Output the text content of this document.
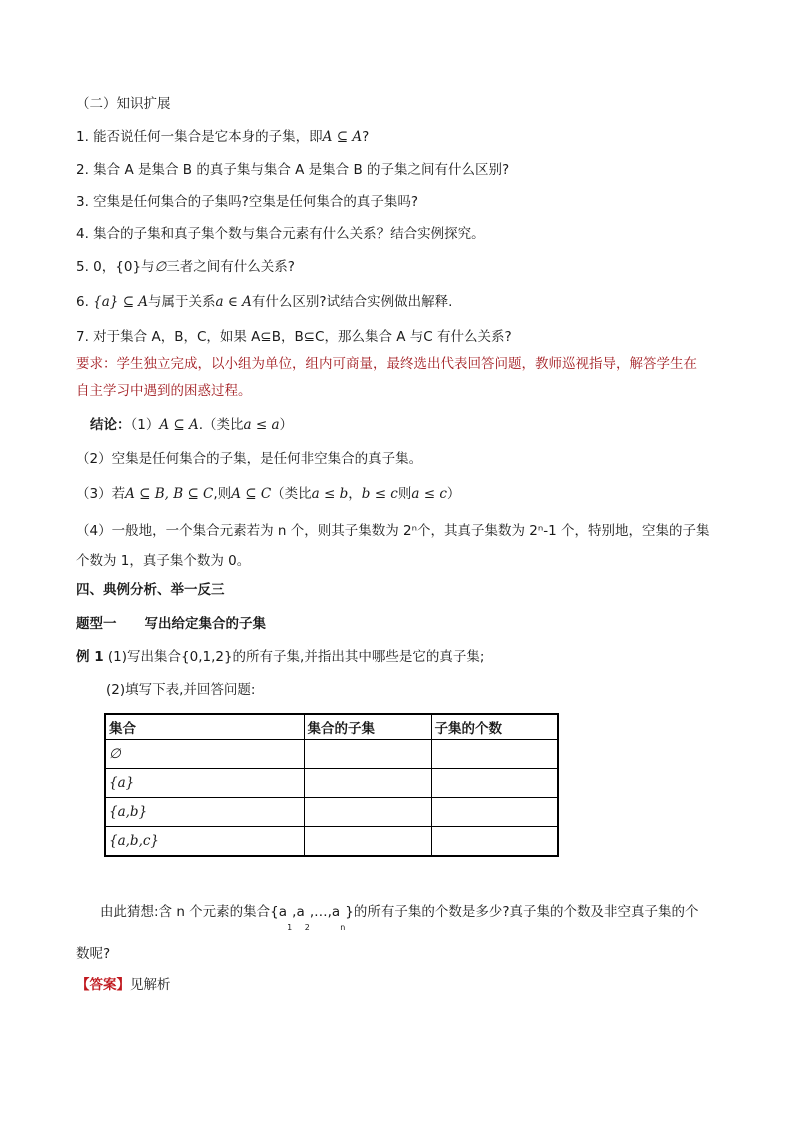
（二）知识扩展
1. 能否说任何一集合是它本身的子集，即A ⊆ A?
2. 集合 A 是集合 B 的真子集与集合 A 是集合 B 的子集之间有什么区别?
3. 空集是任何集合的子集吗?空集是任何集合的真子集吗?
4. 集合的子集和真子集个数与集合元素有什么关系？结合实例探究。
5. 0，{0}与∅三者之间有什么关系?
6. {a} ⊆ A与属于关系a ∈ A有什么区别?试结合实例做出解释.
7. 对于集合 A，B，C，如果 A⊆B，B⊆C，那么集合 A 与C 有什么关系?
要求：学生独立完成，以小组为单位，组内可商量，最终选出代表回答问题，教师巡视指导，解答学生在
自主学习中遇到的困惑过程。
结论：（1）A ⊆ A.（类比a ≤ a）
（2）空集是任何集合的子集，是任何非空集合的真子集。
（3）若A ⊆ B, B ⊆ C,则A ⊆ C（类比a ≤ b，b ≤ c则a ≤ c）
（4）一般地，一个集合元素若为 n 个，则其子集数为 2ⁿ个，其真子集数为 2ⁿ-1 个，特别地，空集的子集
个数为 1，真子集个数为 0。
四、典例分析、举一反三
题型一 写出给定集合的子集
例 1 (1)写出集合{0,1,2}的所有子集,并指出其中哪些是它的真子集;
(2)填写下表,并回答问题:
集合	集合的子集	子集的个数
∅		
{a}		
{a,b}		
{a,b,c}		
由此猜想:含 n 个元素的集合$\{a_1,a_2,\dots,a_n\}$的所有子集的个数是多少?真子集的个数及非空真子集的个
数呢?
【答案】见解析
